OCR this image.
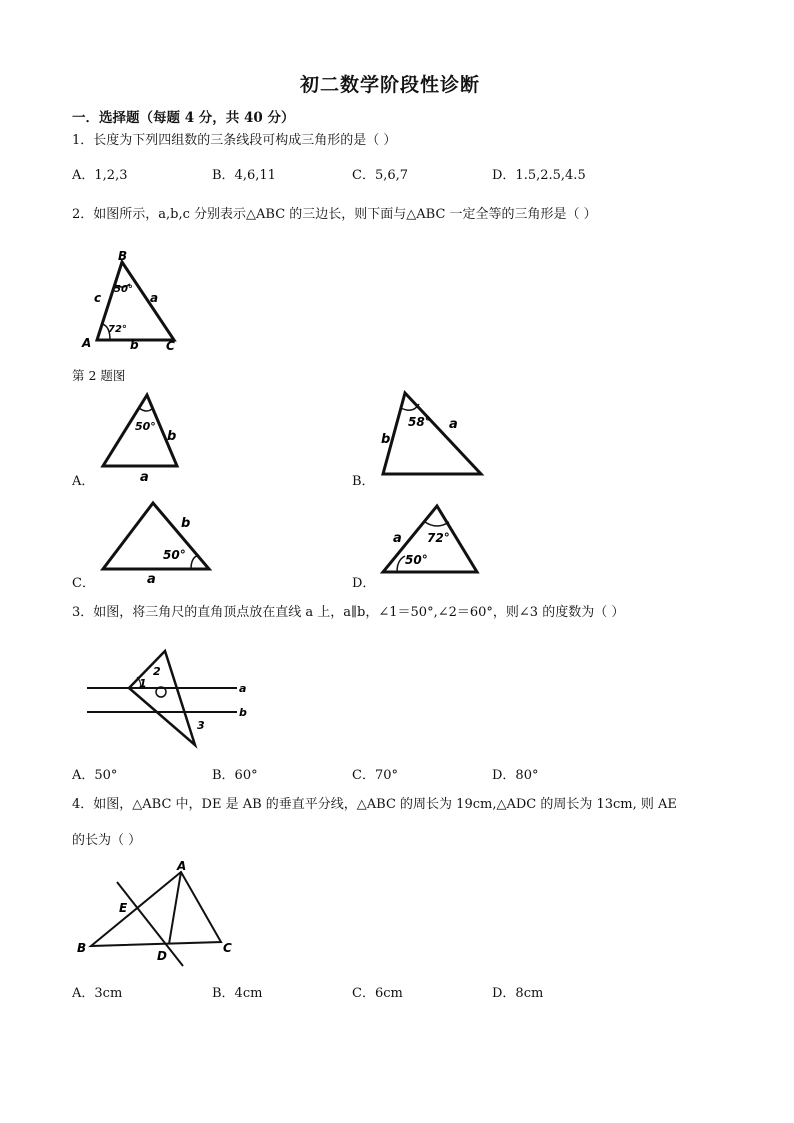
初二数学阶段性诊断
一．选择题（每题 4 分，共 40 分）
1．长度为下列四组数的三条线段可构成三角形的是（ ）
A．1,2,3	B．4,6,11	C．5,6,7	D．1.5,2.5,4.5
2．如图所示，a,b,c 分别表示△ABC 的三边长，则下面与△ABC 一定全等的三角形是（ ）
B
A	C
c	a
b
50°
72°
第 2 题图
A．
50°
b
a	B．
58°
b
a
C．
50°
b
a	D．
72°
50°
a
3．如图，将三角尺的直角顶点放在直线 a 上，a∥b，∠1＝50°,∠2＝60°，则∠3 的度数为（ ）
1
2
3
a
b
A．50°	B．60°	C．70°	D．80°
4．如图，△ABC 中，DE 是 AB 的垂直平分线，△ABC 的周长为 19cm,△ADC 的周长为 13cm, 则 AE
的长为（ ）
A
B	C
D
E
A．3cm	B．4cm	C．6cm	D．8cm
